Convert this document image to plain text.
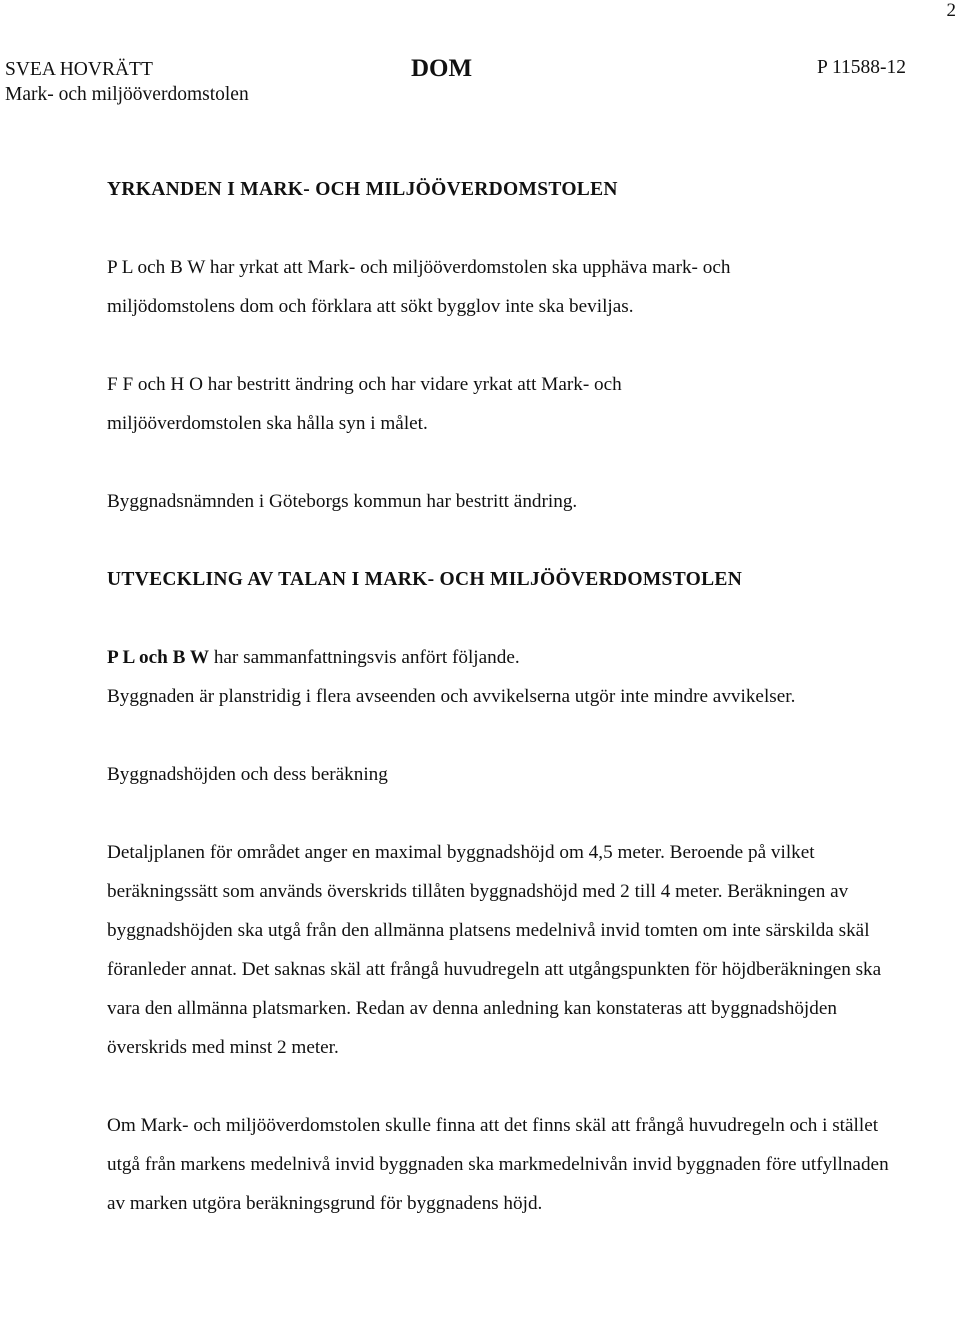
2
SVEA HOVRÄTT
Mark- och miljööverdomstolen
DOM	P 11588-12
YRKANDEN I MARK- OCH MILJÖÖVERDOMSTOLEN

P L och B W har yrkat att Mark- och miljööverdomstolen ska upphäva mark- och miljödomstolens dom och förklara att sökt bygglov inte ska beviljas.

F F och H O har bestritt ändring och har vidare yrkat att Mark- och miljööverdomstolen ska hålla syn i målet.

Byggnadsnämnden i Göteborgs kommun har bestritt ändring.

UTVECKLING AV TALAN I MARK- OCH MILJÖÖVERDOMSTOLEN

P L och B W har sammanfattningsvis anfört följande.

Byggnaden är planstridig i flera avseenden och avvikelserna utgör inte mindre avvikelser.

Byggnadshöjden och dess beräkning

Detaljplanen för området anger en maximal byggnadshöjd om 4,5 meter. Beroende på vilket beräkningssätt som används överskrids tillåten byggnadshöjd med 2 till 4 meter. Beräkningen av byggnadshöjden ska utgå från den allmänna platsens medelnivå invid tomten om inte särskilda skäl föranleder annat. Det saknas skäl att frångå huvudregeln att utgångspunkten för höjdberäkningen ska vara den allmänna platsmarken. Redan av denna anledning kan konstateras att byggnadshöjden överskrids med minst 2 meter.

Om Mark- och miljööverdomstolen skulle finna att det finns skäl att frångå huvudregeln och i stället utgå från markens medelnivå invid byggnaden ska markmedelnivån invid byggnaden före utfyllnaden av marken utgöra beräkningsgrund för byggnadens höjd.
